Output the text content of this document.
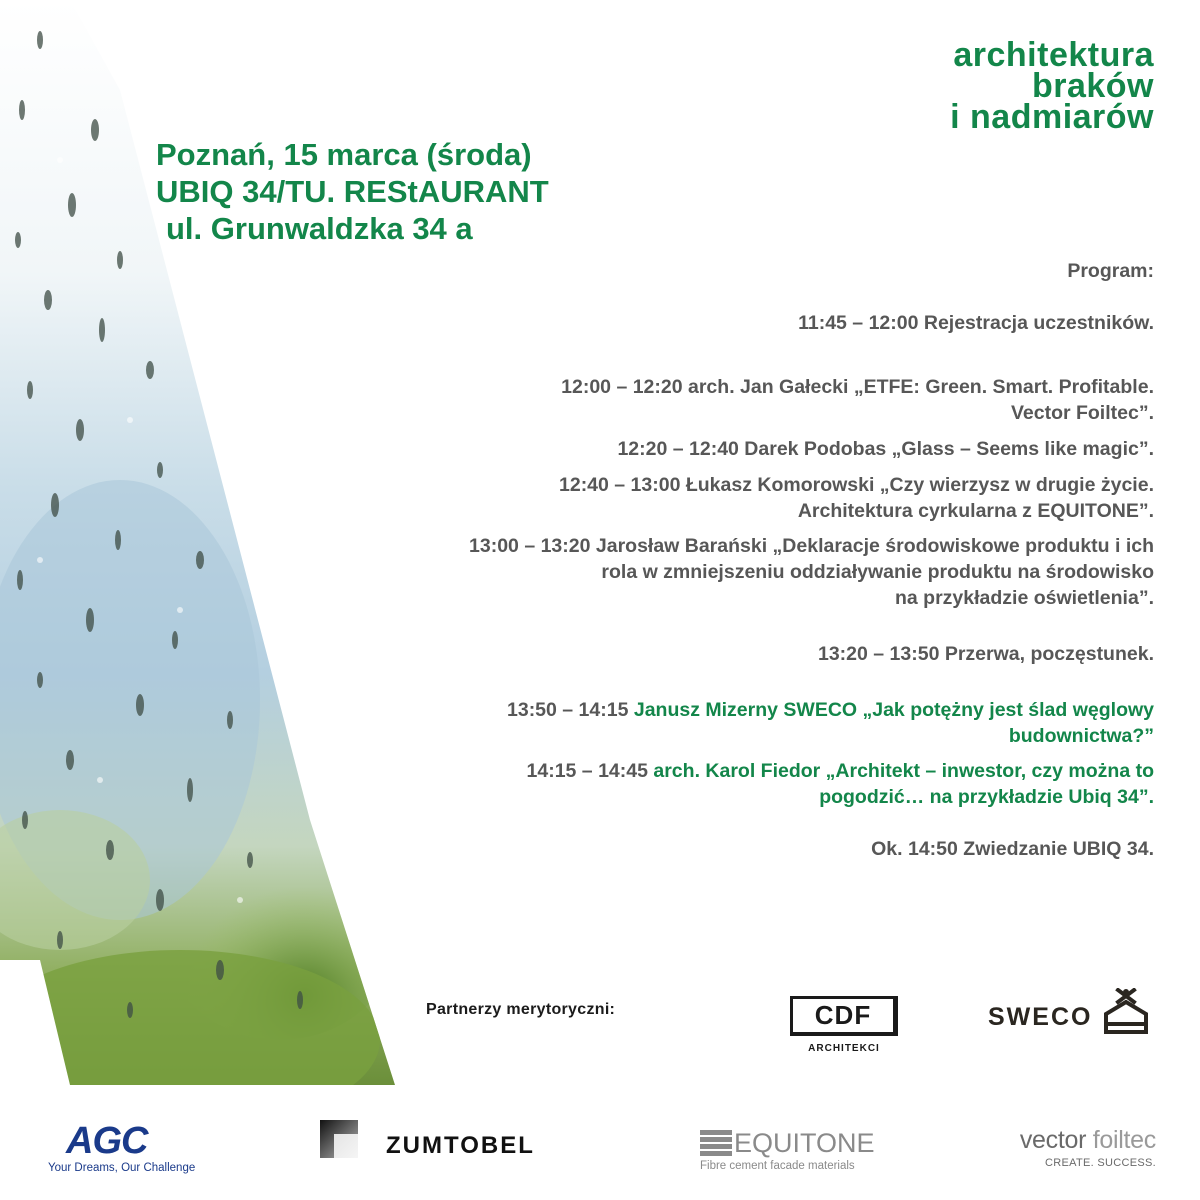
architektura
braków
i nadmiarów
Poznań, 15 marca (środa)
UBIQ 34/TU. REStAURANT
ul. Grunwaldzka 34 a
Program:
11:45 – 12:00 Rejestracja uczestników.
12:00 – 12:20 arch. Jan Gałecki „ETFE: Green. Smart. Profitable.
Vector Foiltec”.
12:20 – 12:40 Darek Podobas „Glass – Seems like magic”.
12:40 – 13:00 Łukasz Komorowski „Czy wierzysz w drugie życie.
Architektura cyrkularna z EQUITONE”.
13:00 – 13:20 Jarosław Barański „Deklaracje środowiskowe produktu i ich
rola w zmniejszeniu oddziaływanie produktu na środowisko
na przykładzie oświetlenia”.
13:20 – 13:50 Przerwa, poczęstunek.
13:50 – 14:15 Janusz Mizerny SWECO „Jak potężny jest ślad węglowy
budownictwa?”
14:15 – 14:45 arch. Karol Fiedor „Architekt – inwestor, czy można to
pogodzić… na przykładzie Ubiq 34”.
Ok. 14:50 Zwiedzanie UBIQ 34.
Partnerzy merytoryczni:	CDF
ARCHITEKCI
SWECO
AGC
Your Dreams, Our Challenge
ZUMTOBEL	EQUITONE
Fibre cement facade materials
vector foiltec
CREATE. SUCCESS.
